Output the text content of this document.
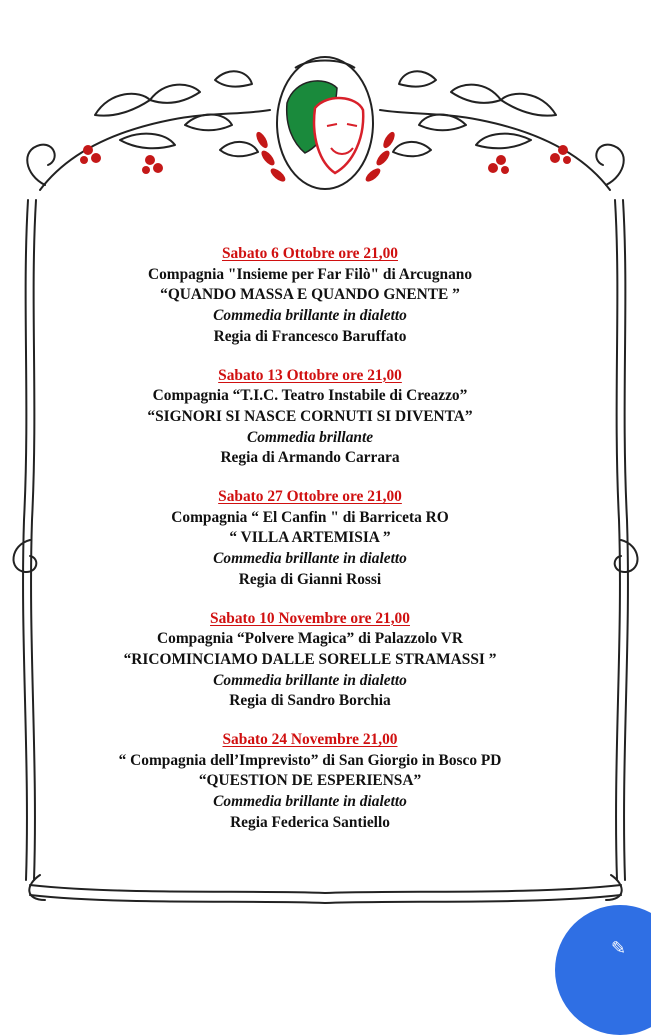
Sabato 6 Ottobre ore 21,00
Compagnia "Insieme per Far Filò" di Arcugnano
“QUANDO MASSA E QUANDO GNENTE ”
Commedia brillante in dialetto
Regia di Francesco Baruffato
Sabato 13 Ottobre ore 21,00
Compagnia “T.I.C. Teatro Instabile di Creazzo”
“SIGNORI SI NASCE CORNUTI SI DIVENTA”
Commedia brillante
Regia di Armando Carrara
Sabato 27 Ottobre ore 21,00
Compagnia “ El Canfin " di Barriceta RO
“ VILLA ARTEMISIA ”
Commedia brillante in dialetto
Regia di Gianni Rossi
Sabato 10 Novembre ore 21,00
Compagnia “Polvere Magica” di Palazzolo VR
“RICOMINCIAMO DALLE SORELLE STRAMASSI ”
Commedia brillante in dialetto
Regia di Sandro Borchia
Sabato 24 Novembre 21,00
“ Compagnia dell’Imprevisto” di San Giorgio in Bosco PD
“QUESTION DE ESPERIENSA”
Commedia brillante in dialetto
Regia Federica Santiello
✎
